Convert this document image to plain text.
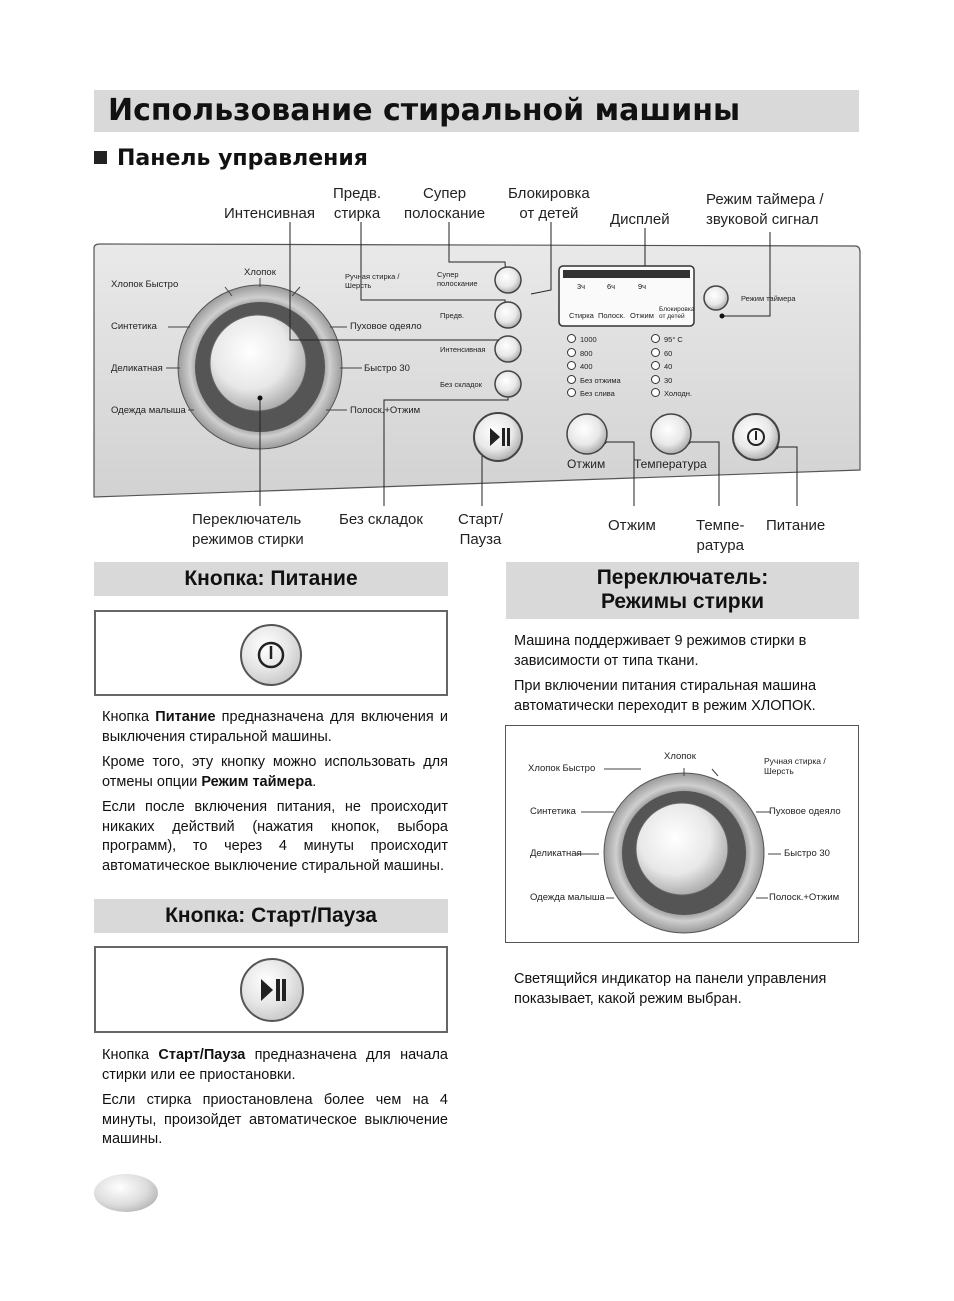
Использование стиральной машины
Панель управления
Интенсивная
Предв.
стирка
Супер
полоскание
Блокировка
от детей	Дисплей
Режим таймера /
звуковой сигнал
Хлопок Быстро
Синтетика
Деликатная
Одежда малыша
Хлопок	Ручная стирка /Шерсть
Пуховое одеяло
Быстро 30
Полоск.+Отжим
Супер полоскание
Предв.
Интенсивная
Без складок
3ч	6ч	9ч
Стирка Полоск. Отжим
Блокировка от детей
1000
800
400
Без отжима
Без слива
95° C
60
40
30
Холодн.
Режим таймера
Отжим Температура
Переключатель
режимов стирки
Без складок Старт/
Пауза
Отжим	Темпе-
ратура
Питание
Кнопка: Питание

Кнопка Питание предназначена для включения и выключения стиральной машины.

Кроме того, эту кнопку можно использовать для отмены опции Режим таймера.

Если после включения питания, не происходит никаких действий (нажатия кнопок, выбора программ), то через 4 минуты происходит автоматическое выключение стиральной машины.

Кнопка: Старт/Пауза

Кнопка Старт/Пауза предназначена для начала стирки или ее приостановки.

Если стирка приостановлена более чем на 4 минуты, произойдет автоматическое выключение машины.

Переключатель:
Режимы стирки

Машина поддерживает 9 режимов стирки в зависимости от типа ткани.

При включении питания стиральная машина автоматически переходит в режим ХЛОПОК.

Хлопок Быстро
Синтетика
Деликатная
Одежда малыша
Хлопок	Ручная стирка /Шерсть
Пуховое одеяло
Быстро 30
Полоск.+Отжим
Светящийся индикатор на панели управления показывает, какой режим выбран.
